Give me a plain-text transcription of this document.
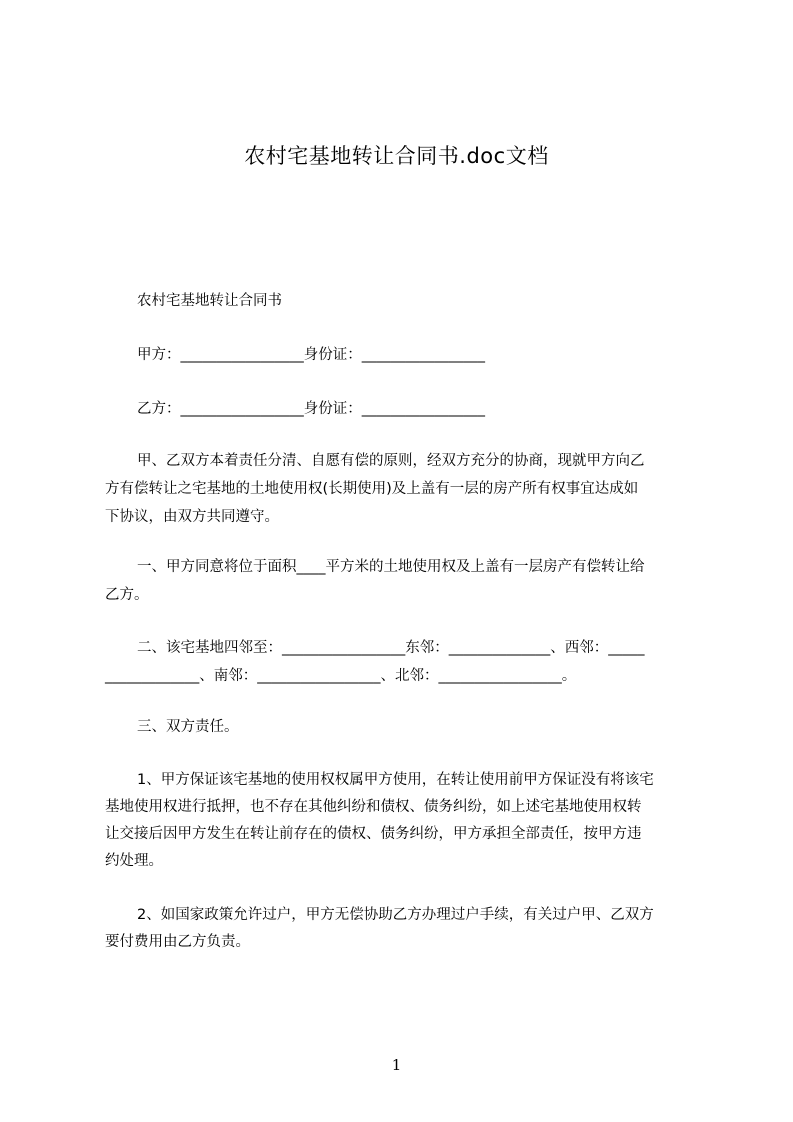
农村宅基地转让合同书.doc文档
农村宅基地转让合同书
甲方：_________________身份证：_________________
乙方：_________________身份证：_________________
甲、乙双方本着责任分清、自愿有偿的原则，经双方充分的协商，现就甲方向乙
方有偿转让之宅基地的土地使用权(长期使用)及上盖有一层的房产所有权事宜达成如
下协议，由双方共同遵守。
一、甲方同意将位于面积____平方米的土地使用权及上盖有一层房产有偿转让给
乙方。
二、该宅基地四邻至：_________________东邻：______________、西邻：_____
_____________、南邻：_________________、北邻：_________________。
三、双方责任。
1、甲方保证该宅基地的使用权权属甲方使用，在转让使用前甲方保证没有将该宅
基地使用权进行抵押，也不存在其他纠纷和债权、债务纠纷，如上述宅基地使用权转
让交接后因甲方发生在转让前存在的债权、债务纠纷，甲方承担全部责任，按甲方违
约处理。
2、如国家政策允许过户，甲方无偿协助乙方办理过户手续，有关过户甲、乙双方
要付费用由乙方负责。
1
